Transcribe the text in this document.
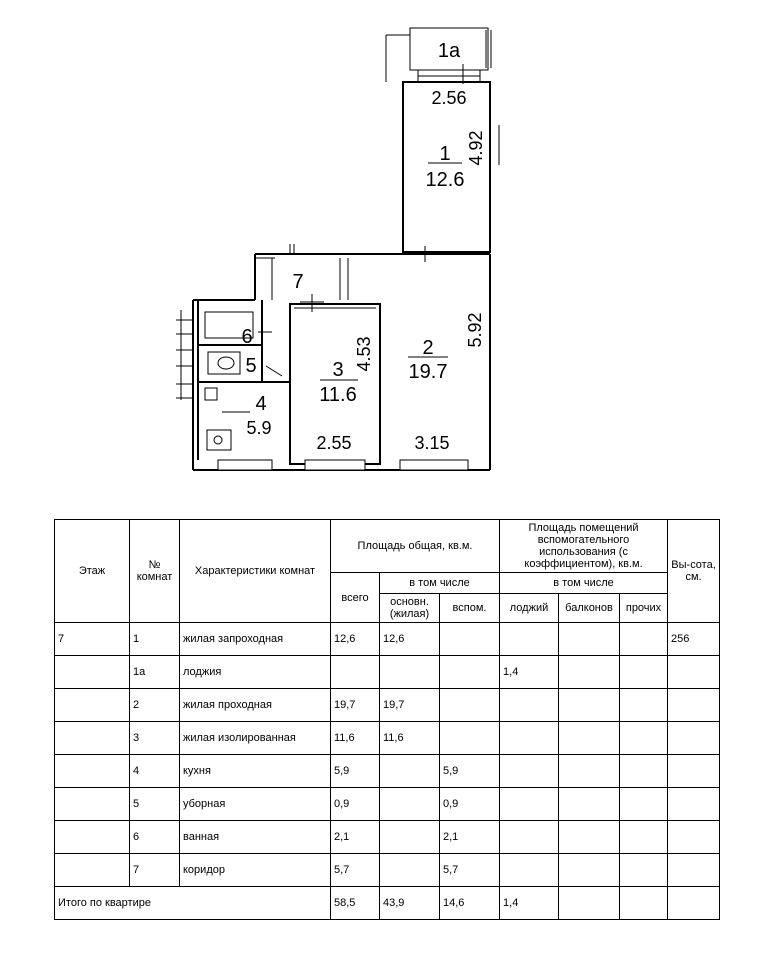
1a
2.56
4.92
1
12.6
7
6
5
4
5.9
3
11.6
4.53
2.55
2
19.7
5.92
3.15
· ·
Этаж	№ комнат	Характеристики комнат	Площадь общая, кв.м.			Площадь помещений вспомогательного использования (с коэффициентом), кв.м.			Вы-сота, см.
			всего	в том числе		в том числе			
				основн. (жилая)	вспом.	лоджий	балконов	прочих	
7	1	жилая запроходная	12,6	12,6					256
	1а	лоджия				1,4			
	2	жилая проходная	19,7	19,7					
	3	жилая изолированная	11,6	11,6					
	4	кухня	5,9		5,9				
	5	уборная	0,9		0,9				
	6	ванная	2,1		2,1				
	7	коридор	5,7		5,7				
Итого по квартире			58,5	43,9	14,6	1,4			
